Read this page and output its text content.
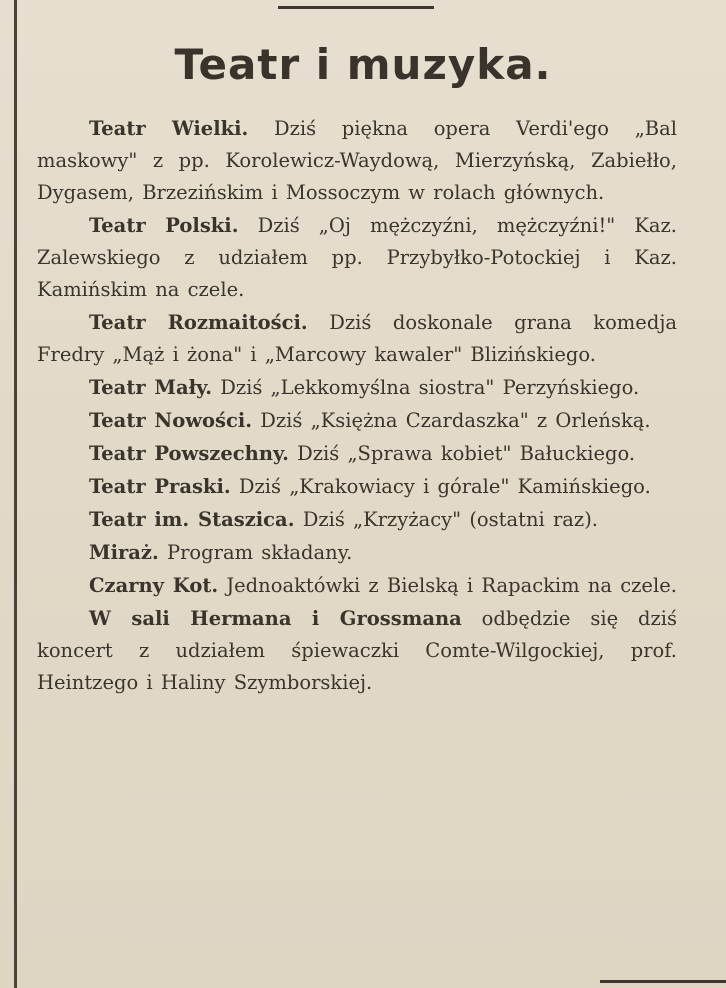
Teatr i muzyka.

Teatr Wielki. Dziś piękna opera Verdi'ego „Bal maskowy" z pp. Korolewicz-Waydową, Mierzyńską, Zabiełło, Dygasem, Brzezińskim i Mossoczym w rolach głównych.

Teatr Polski. Dziś „Oj mężczyźni, mężczyźni!" Kaz. Zalewskiego z udziałem pp. Przybyłko-Potockiej i Kaz. Kamińskim na czele.

Teatr Rozmaitości. Dziś doskonale grana komedja Fredry „Mąż i żona" i „Marcowy kawaler" Blizińskiego.

Teatr Mały. Dziś „Lekkomyślna siostra" Perzyńskiego.

Teatr Nowości. Dziś „Księżna Czardaszka" z Orleńską.

Teatr Powszechny. Dziś „Sprawa kobiet" Bałuckiego.

Teatr Praski. Dziś „Krakowiacy i górale" Kamińskiego.

Teatr im. Staszica. Dziś „Krzyżacy" (ostatni raz).

Miraż. Program składany.

Czarny Kot. Jednoaktówki z Bielską i Rapackim na czele.

W sali Hermana i Grossmana odbędzie się dziś koncert z udziałem śpiewaczki Comte-Wilgockiej, prof. Heintzego i Haliny Szymborskiej.
